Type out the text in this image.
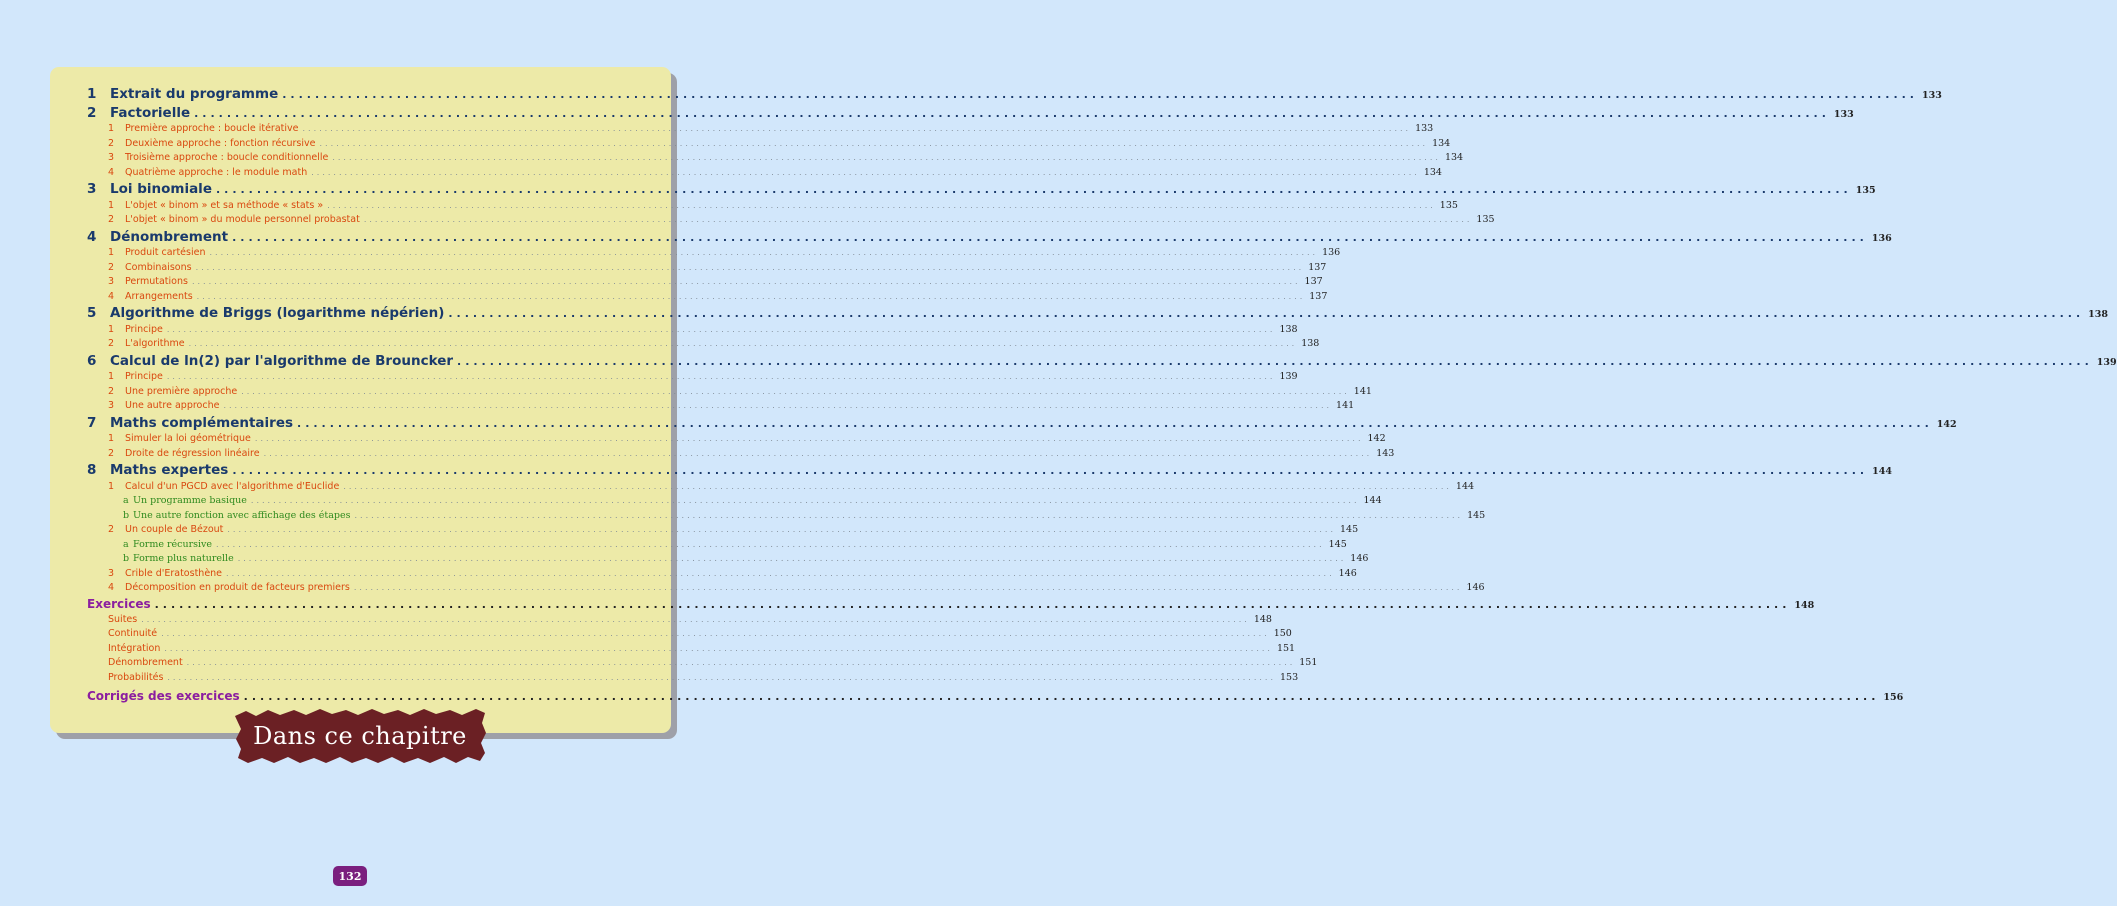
1	Extrait du programme ........................................................................................................................................................................................................ 133
2	Factorielle ........................................................................................................................................................................................................ 133
1	Première approche : boucle itérative ........................................................................................................................................................................................................ 133
2	Deuxième approche : fonction récursive ........................................................................................................................................................................................................ 134
3	Troisième approche : boucle conditionnelle ........................................................................................................................................................................................................ 134
4	Quatrième approche : le module math ........................................................................................................................................................................................................ 134
3	Loi binomiale ........................................................................................................................................................................................................ 135
1	L'objet « binom » et sa méthode « stats » ........................................................................................................................................................................................................ 135
2	L'objet « binom » du module personnel probastat ........................................................................................................................................................................................................ 135
4	Dénombrement ........................................................................................................................................................................................................ 136
1	Produit cartésien ........................................................................................................................................................................................................ 136
2	Combinaisons ........................................................................................................................................................................................................ 137
3	Permutations ........................................................................................................................................................................................................ 137
4	Arrangements ........................................................................................................................................................................................................ 137
5	Algorithme de Briggs (logarithme népérien) ........................................................................................................................................................................................................ 138
1	Principe ........................................................................................................................................................................................................ 138
2	L'algorithme ........................................................................................................................................................................................................ 138
6	Calcul de ln(2) par l'algorithme de Brouncker ........................................................................................................................................................................................................ 139
1	Principe ........................................................................................................................................................................................................ 139
2	Une première approche ........................................................................................................................................................................................................ 141
3	Une autre approche ........................................................................................................................................................................................................ 141
7	Maths complémentaires ........................................................................................................................................................................................................ 142
1	Simuler la loi géométrique ........................................................................................................................................................................................................ 142
2	Droite de régression linéaire ........................................................................................................................................................................................................ 143
8	Maths expertes ........................................................................................................................................................................................................ 144
1	Calcul d'un PGCD avec l'algorithme d'Euclide ........................................................................................................................................................................................................ 144
a Un programme basique ........................................................................................................................................................................................................ 144
b Une autre fonction avec affichage des étapes ........................................................................................................................................................................................................ 145
2	Un couple de Bézout ........................................................................................................................................................................................................ 145
a Forme récursive ........................................................................................................................................................................................................ 145
b Forme plus naturelle ........................................................................................................................................................................................................ 146
3	Crible d'Eratosthène ........................................................................................................................................................................................................ 146
4	Décomposition en produit de facteurs premiers ........................................................................................................................................................................................................ 146
Exercices ........................................................................................................................................................................................................ 148
Suites ........................................................................................................................................................................................................ 148
Continuité ........................................................................................................................................................................................................ 150
Intégration ........................................................................................................................................................................................................ 151
Dénombrement ........................................................................................................................................................................................................ 151
Probabilités ........................................................................................................................................................................................................ 153
Corrigés des exercices ........................................................................................................................................................................................................ 156
Dans ce chapitre
132
